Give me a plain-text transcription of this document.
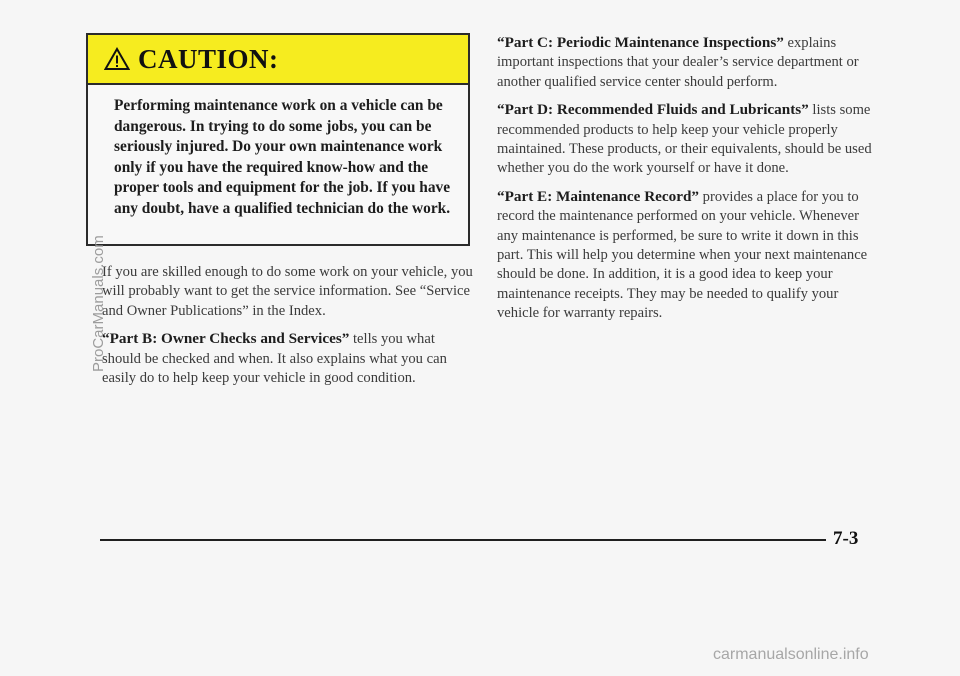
CAUTION:
Performing maintenance work on a vehicle can be dangerous. In trying to do some jobs, you can be seriously injured. Do your own maintenance work only if you have the required know-how and the proper tools and equipment for the job. If you have any doubt, have a qualified technician do the work.

If you are skilled enough to do some work on your vehicle, you will probably want to get the service information. See “Service and Owner Publications” in the Index.

“Part B: Owner Checks and Services” tells you what should be checked and when. It also explains what you can easily do to help keep your vehicle in good condition.

“Part C: Periodic Maintenance Inspections” explains important inspections that your dealer’s service department or another qualified service center should perform.

“Part D: Recommended Fluids and Lubricants” lists some recommended products to help keep your vehicle properly maintained. These products, or their equivalents, should be used whether you do the work yourself or have it done.

“Part E: Maintenance Record” provides a place for you to record the maintenance performed on your vehicle. Whenever any maintenance is performed, be sure to write it down in this part. This will help you determine when your next maintenance should be done. In addition, it is a good idea to keep your maintenance receipts. They may be needed to qualify your vehicle for warranty repairs.

7-3
ProCarManuals.com
carmanualsonline.info
